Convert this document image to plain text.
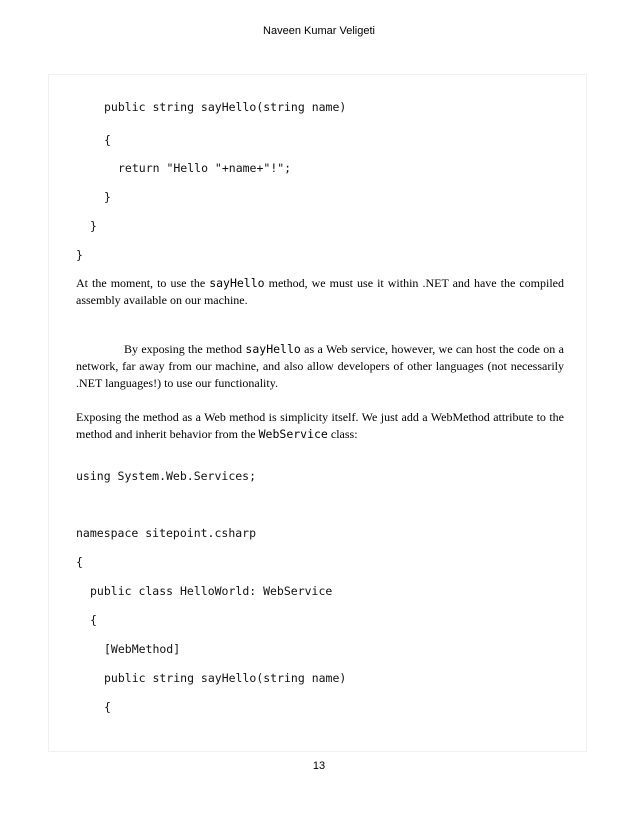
Naveen Kumar Veligeti
public string sayHello(string name)
{
return "Hello "+name+"!";
}
}
}

At the moment, to use the sayHello method, we must use it within .NET and have the compiled assembly available on our machine.

By exposing the method sayHello as a Web service, however, we can host the code on a network, far away from our machine, and also allow developers of other languages (not necessarily .NET languages!) to use our functionality.

Exposing the method as a Web method is simplicity itself. We just add a WebMethod attribute to the method and inherit behavior from the WebService class:

using System.Web.Services;
namespace sitepoint.csharp
{
public class HelloWorld: WebService
{
[WebMethod]
public string sayHello(string name)
{
13
